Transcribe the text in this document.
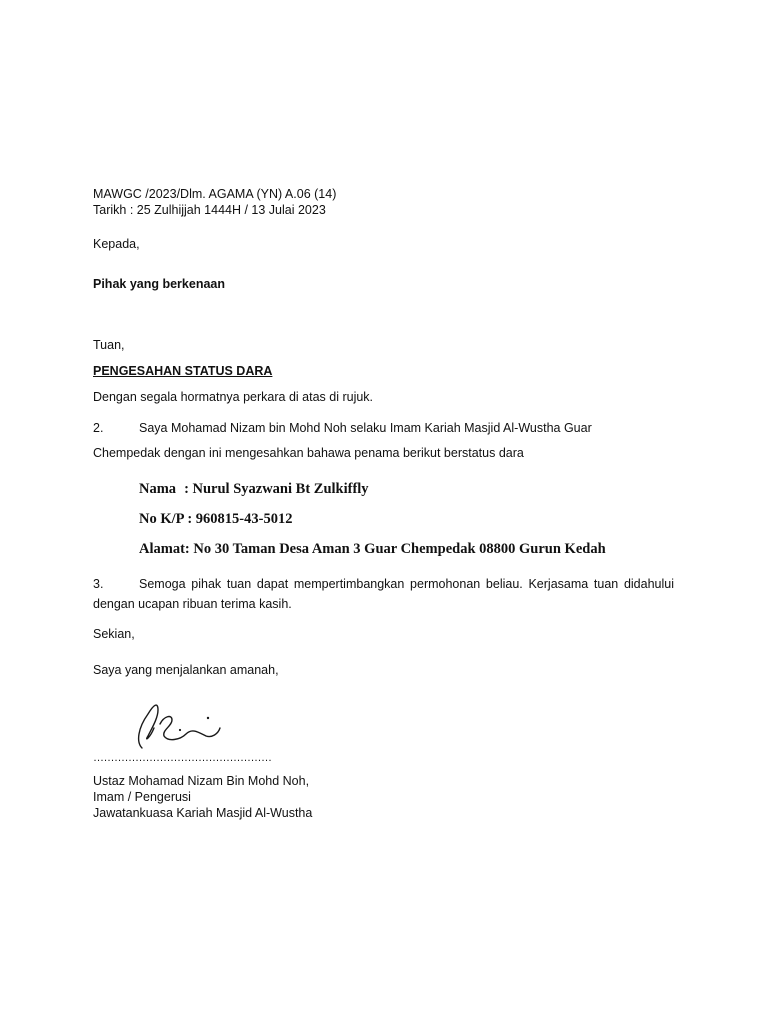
MAWGC /2023/Dlm. AGAMA (YN) A.06 (14)
Tarikh : 25 Zulhijjah 1444H / 13 Julai 2023
Kepada,
Pihak yang berkenaan
Tuan,
PENGESAHAN STATUS DARA
Dengan segala hormatnya perkara di atas di rujuk.
2.	Saya Mohamad Nizam bin Mohd Noh selaku Imam Kariah Masjid Al-Wustha Guar
Chempedak dengan ini mengesahkan bahawa penama berikut berstatus dara
Nama : Nurul Syazwani Bt Zulkiffly
No K/P : 960815-43-5012
Alamat: No 30 Taman Desa Aman 3 Guar Chempedak 08800 Gurun Kedah
3.	Semoga pihak tuan dapat mempertimbangkan permohonan beliau. Kerjasama tuan didahului dengan ucapan ribuan terima kasih.
Sekian,
Saya yang menjalankan amanah,
……………………………………………
Ustaz Mohamad Nizam Bin Mohd Noh,
Imam / Pengerusi
Jawatankuasa Kariah Masjid Al-Wustha
